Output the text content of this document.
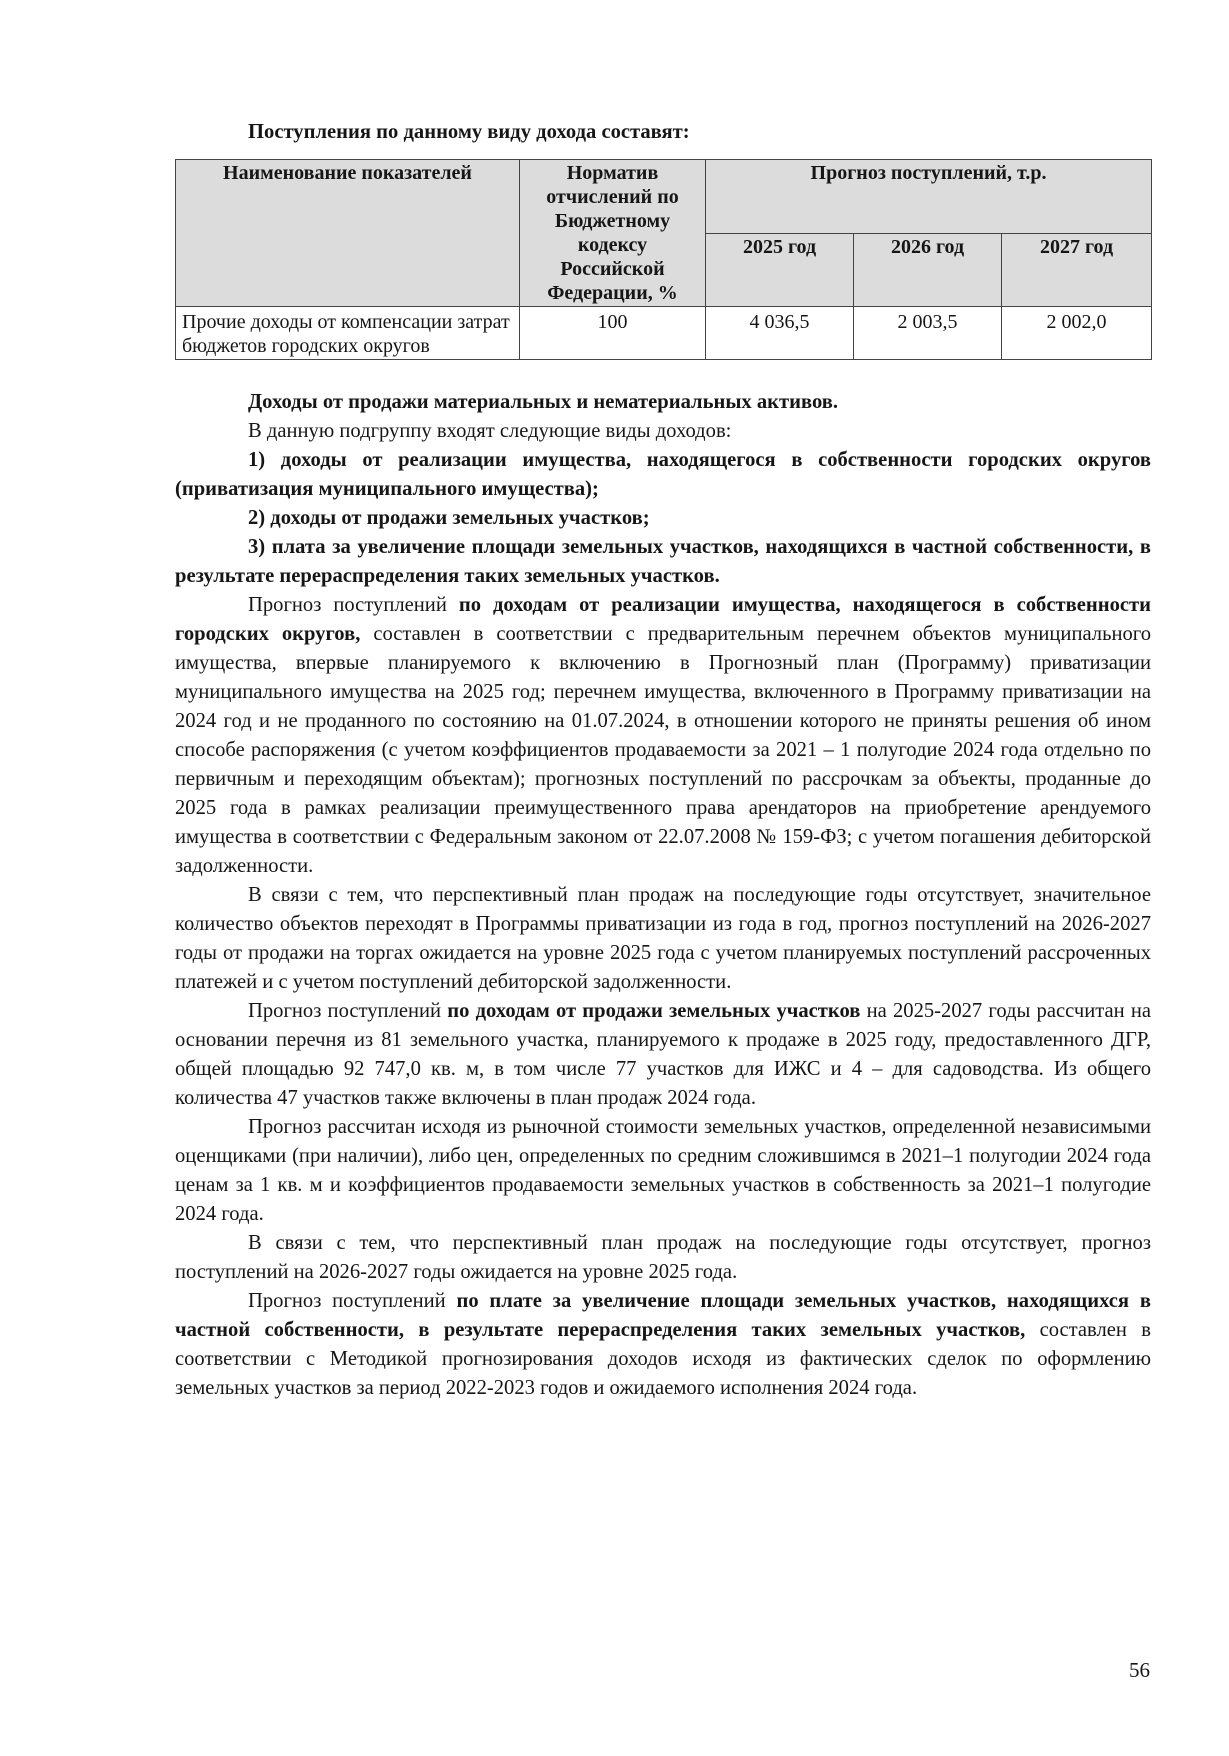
Поступления по данному виду дохода составят:
Наименование показателей	Норматив отчислений по Бюджетному кодексу Российской Федерации, %	Прогноз поступлений, т.р.		
		2025 год	2026 год	2027 год
Прочие доходы от компенсации затрат бюджетов городских округов	100	4 036,5	2 003,5	2 002,0

Доходы от продажи материальных и нематериальных активов.

В данную подгруппу входят следующие виды доходов:

1) доходы от реализации имущества, находящегося в собственности городских округов (приватизация муниципального имущества);

2) доходы от продажи земельных участков;

3) плата за увеличение площади земельных участков, находящихся в частной собственности, в результате перераспределения таких земельных участков.

Прогноз поступлений по доходам от реализации имущества, находящегося в собственности городских округов, составлен в соответствии с предварительным перечнем объектов муниципального имущества, впервые планируемого к включению в Прогнозный план (Программу) приватизации муниципального имущества на 2025 год; перечнем имущества, включенного в Программу приватизации на 2024 год и не проданного по состоянию на 01.07.2024, в отношении которого не приняты решения об ином способе распоряжения (с учетом коэффициентов продаваемости за 2021 – 1 полугодие 2024 года отдельно по первичным и переходящим объектам); прогнозных поступлений по рассрочкам за объекты, проданные до 2025 года в рамках реализации преимущественного права арендаторов на приобретение арендуемого имущества в соответствии с Федеральным законом от 22.07.2008 № 159-ФЗ; с учетом погашения дебиторской задолженности.

В связи с тем, что перспективный план продаж на последующие годы отсутствует, значительное количество объектов переходят в Программы приватизации из года в год, прогноз поступлений на 2026-2027 годы от продажи на торгах ожидается на уровне 2025 года с учетом планируемых поступлений рассроченных платежей и с учетом поступлений дебиторской задолженности.

Прогноз поступлений по доходам от продажи земельных участков на 2025-2027 годы рассчитан на основании перечня из 81 земельного участка, планируемого к продаже в 2025 году, предоставленного ДГР, общей площадью 92 747,0 кв. м, в том числе 77 участков для ИЖС и 4 – для садоводства. Из общего количества 47 участков также включены в план продаж 2024 года.

Прогноз рассчитан исходя из рыночной стоимости земельных участков, определенной независимыми оценщиками (при наличии), либо цен, определенных по средним сложившимся в 2021–1 полугодии 2024 года ценам за 1 кв. м и коэффициентов продаваемости земельных участков в собственность за 2021–1 полугодие 2024 года.

В связи с тем, что перспективный план продаж на последующие годы отсутствует, прогноз поступлений на 2026-2027 годы ожидается на уровне 2025 года.

Прогноз поступлений по плате за увеличение площади земельных участков, находящихся в частной собственности, в результате перераспределения таких земельных участков, составлен в соответствии с Методикой прогнозирования доходов исходя из фактических сделок по оформлению земельных участков за период 2022-2023 годов и ожидаемого исполнения 2024 года.

56
